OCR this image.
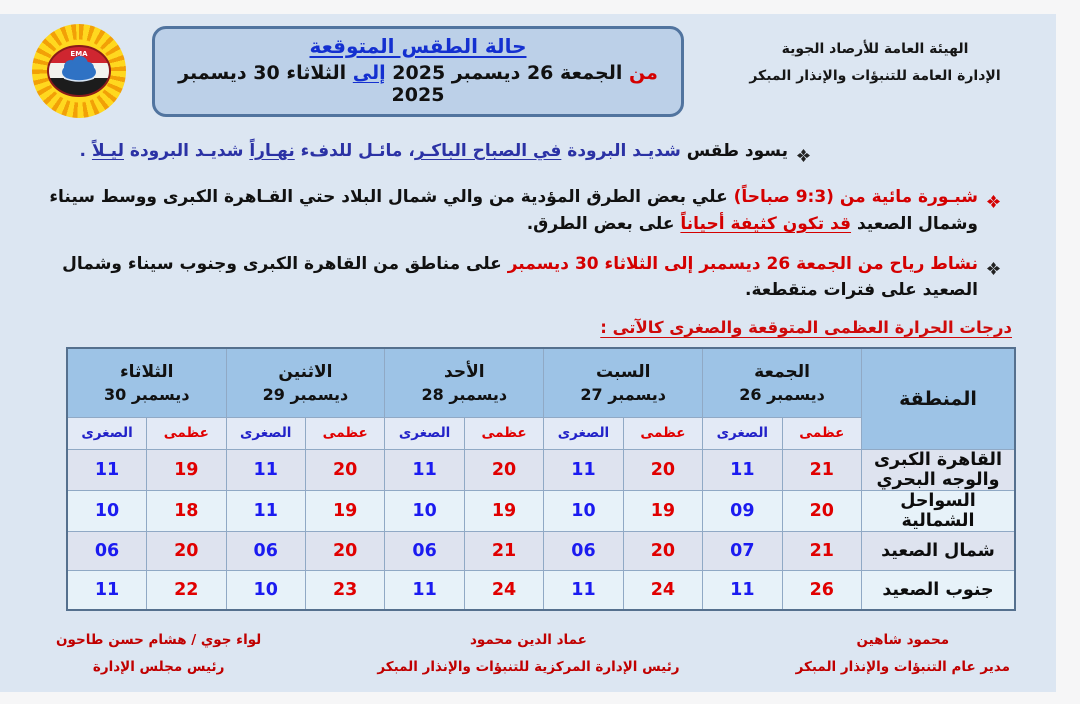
الهيئة العامة للأرصاد الجوية
الإدارة العامة للتنبؤات والإنذار المبكر
حالة الطقس المتوقعة
من الجمعة 26 ديسمبر 2025 إلى الثلاثاء 30 ديسمبر 2025
EMA
يسود طقس شديـد البرودة في الصباح الباكـر، مائـل للدفء نهـاراً شديـد البرودة ليـلاً .
شبـورة مائية من (9:3 صباحاً) علي بعض الطرق المؤدية من والي شمال البلاد حتي القـاهرة الكبرى ووسط سيناء وشمال الصعيد قد تكون كثيفة أحياناً على بعض الطرق.
نشاط رياح من الجمعة 26 ديسمبر إلى الثلاثاء 30 ديسمبر على مناطق من القاهرة الكبرى وجنوب سيناء وشمال الصعيد على فترات متقطعة.
درجات الحرارة العظمى المتوقعة والصغرى كالآتى :
المنطقة	
الجمعة
26 ديسمبر

السبت
27 ديسمبر

الأحد
28 ديسمبر

الاثنين
29 ديسمبر

الثلاثاء
30 ديسمبر

	عظمى	الصغرى	عظمى	الصغرى	عظمى	الصغرى	عظمى	الصغرى	عظمى	الصغرى
القاهرة الكبرى والوجه البحري	21	11	20	11	20	11	20	11	19	11
السواحل الشمالية	20	09	19	10	19	10	19	11	18	10
شمال الصعيد	21	07	20	06	21	06	20	06	20	06
جنوب الصعيد	26	11	24	11	24	11	23	10	22	11
محمود شاهين
مدير عام التنبؤات والإنذار المبكر
عماد الدين محمود
رئيس الإدارة المركزية للتنبؤات والإنذار المبكر
لواء جوي / هشام حسن طاحون
رئيس مجلس الإدارة
